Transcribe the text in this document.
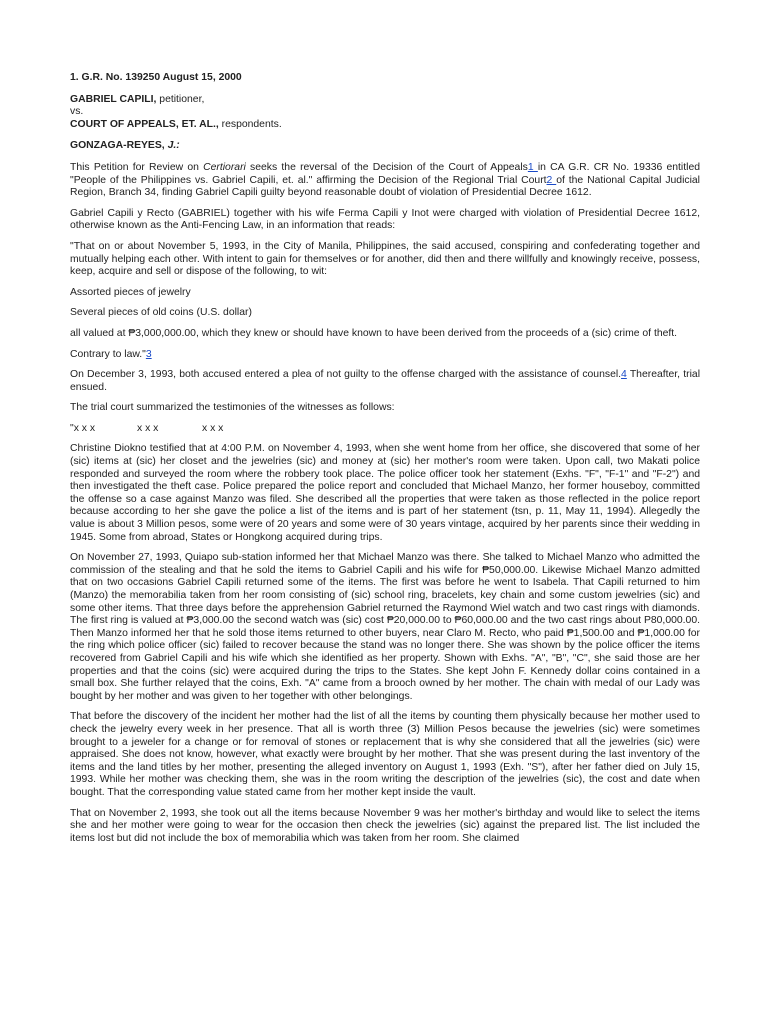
1. G.R. No. 139250 August 15, 2000
GABRIEL CAPILI, petitioner,
vs.
COURT OF APPEALS, ET. AL., respondents.
GONZAGA-REYES, J.:

This Petition for Review on Certiorari seeks the reversal of the Decision of the Court of Appeals1 in CA G.R. CR No. 19336 entitled "People of the Philippines vs. Gabriel Capili, et. al." affirming the Decision of the Regional Trial Court2 of the National Capital Judicial Region, Branch 34, finding Gabriel Capili guilty beyond reasonable doubt of violation of Presidential Decree 1612.

Gabriel Capili y Recto (GABRIEL) together with his wife Ferma Capili y Inot were charged with violation of Presidential Decree 1612, otherwise known as the Anti-Fencing Law, in an information that reads:

"That on or about November 5, 1993, in the City of Manila, Philippines, the said accused, conspiring and confederating together and mutually helping each other. With intent to gain for themselves or for another, did then and there willfully and knowingly receive, possess, keep, acquire and sell or dispose of the following, to wit:

Assorted pieces of jewelry

Several pieces of old coins (U.S. dollar)

all valued at ₱3,000,000.00, which they knew or should have known to have been derived from the proceeds of a (sic) crime of theft.

Contrary to law."3

On December 3, 1993, both accused entered a plea of not guilty to the offense charged with the assistance of counsel.4 Thereafter, trial ensued.

The trial court summarized the testimonies of the witnesses as follows:

"x x x	x x x	x x x

Christine Diokno testified that at 4:00 P.M. on November 4, 1993, when she went home from her office, she discovered that some of her (sic) items at (sic) her closet and the jewelries (sic) and money at (sic) her mother's room were taken. Upon call, two Makati police responded and surveyed the room where the robbery took place. The police officer took her statement (Exhs. "F", "F-1" and "F-2") and then investigated the theft case. Police prepared the police report and concluded that Michael Manzo, her former houseboy, committed the offense so a case against Manzo was filed. She described all the properties that were taken as those reflected in the police report because according to her she gave the police a list of the items and is part of her statement (tsn, p. 11, May 11, 1994). Allegedly the value is about 3 Million pesos, some were of 20 years and some were of 30 years vintage, acquired by her parents since their wedding in 1945. Some from abroad, States or Hongkong acquired during trips.

On November 27, 1993, Quiapo sub-station informed her that Michael Manzo was there. She talked to Michael Manzo who admitted the commission of the stealing and that he sold the items to Gabriel Capili and his wife for ₱50,000.00. Likewise Michael Manzo admitted that on two occasions Gabriel Capili returned some of the items. The first was before he went to Isabela. That Capili returned to him (Manzo) the memorabilia taken from her room consisting of (sic) school ring, bracelets, key chain and some custom jewelries (sic) and some other items. That three days before the apprehension Gabriel returned the Raymond Wiel watch and two cast rings with diamonds. The first ring is valued at ₱3,000.00 the second watch was (sic) cost ₱20,000.00 to ₱60,000.00 and the two cast rings about P80,000.00. Then Manzo informed her that he sold those items returned to other buyers, near Claro M. Recto, who paid ₱1,500.00 and ₱1,000.00 for the ring which police officer (sic) failed to recover because the stand was no longer there. She was shown by the police officer the items recovered from Gabriel Capili and his wife which she identified as her property. Shown with Exhs. "A", "B", "C", she said those are her properties and that the coins (sic) were acquired during the trips to the States. She kept John F. Kennedy dollar coins contained in a small box. She further relayed that the coins, Exh. "A" came from a brooch owned by her mother. The chain with medal of our Lady was bought by her mother and was given to her together with other belongings.

That before the discovery of the incident her mother had the list of all the items by counting them physically because her mother used to check the jewelry every week in her presence. That all is worth three (3) Million Pesos because the jewelries (sic) were sometimes brought to a jeweler for a change or for removal of stones or replacement that is why she considered that all the jewelries (sic) were appraised. She does not know, however, what exactly were brought by her mother. That she was present during the last inventory of the items and the land titles by her mother, presenting the alleged inventory on August 1, 1993 (Exh. "S"), after her father died on July 15, 1993. While her mother was checking them, she was in the room writing the description of the jewelries (sic), the cost and date when bought. That the corresponding value stated came from her mother kept inside the vault.

That on November 2, 1993, she took out all the items because November 9 was her mother's birthday and would like to select the items she and her mother were going to wear for the occasion then check the jewelries (sic) against the prepared list. The list included the items lost but did not include the box of memorabilia which was taken from her room. She claimed
